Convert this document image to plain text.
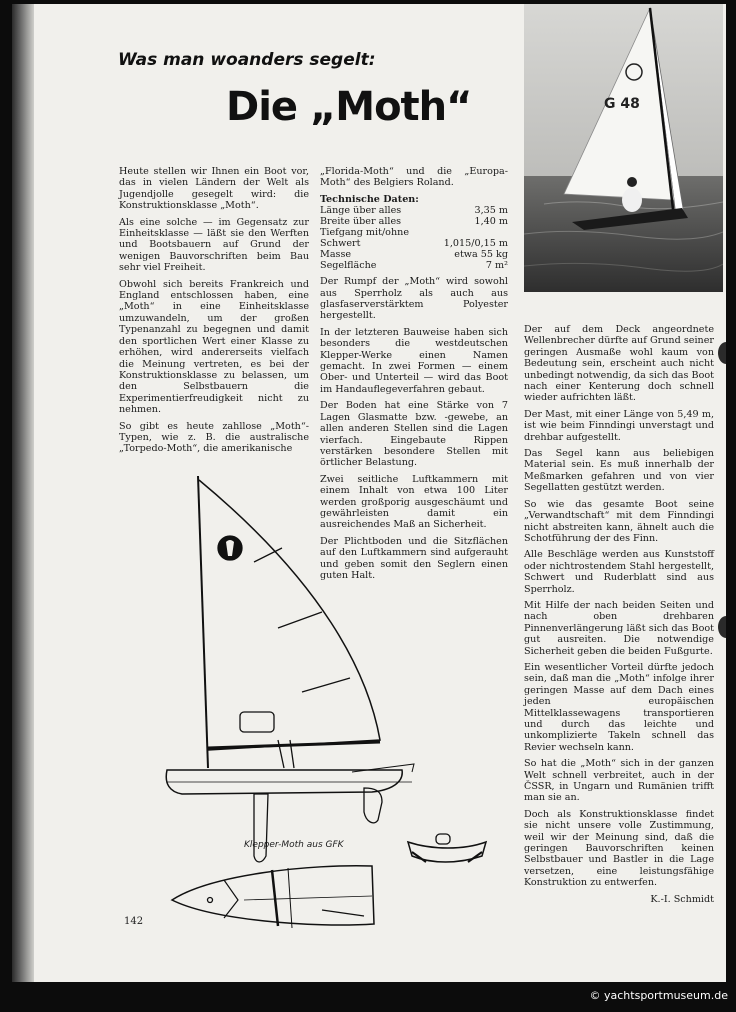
Was man woanders segelt:
Die „Moth“

Heute stellen wir Ihnen ein Boot vor, das in vielen Ländern der Welt als Jugendjolle gesegelt wird: die Konstruktionsklasse „Moth“.

Als eine solche — im Gegensatz zur Einheitsklasse — läßt sie den Werften und Bootsbauern auf Grund der wenigen Bauvorschriften beim Bau sehr viel Freiheit.

Obwohl sich bereits Frankreich und England entschlossen haben, eine „Moth“ in eine Einheitsklasse umzuwandeln, um der großen Typenanzahl zu begegnen und damit den sportlichen Wert einer Klasse zu erhöhen, wird andererseits vielfach die Meinung vertreten, es bei der Konstruktionsklasse zu belassen, um den Selbstbauern die Experimentierfreudigkeit nicht zu nehmen.

So gibt es heute zahllose „Moth“-Typen, wie z. B. die australische „Torpedo-Moth“, die amerikanische

„Florida-Moth“ und die „Europa-Moth“ des Belgiers Roland.

Technische Daten:

Länge über alles	3,35 m
Breite über alles	1,40 m
Tiefgang mit/ohne	
Schwert	1,015/0,15 m
Masse	etwa 55 kg
Segelfläche	7 m²

Der Rumpf der „Moth“ wird sowohl aus Sperrholz als auch aus glasfaserverstärktem Polyester hergestellt.

In der letzteren Bauweise haben sich besonders die westdeutschen Klepper-Werke einen Namen gemacht. In zwei Formen — einem Ober- und Unterteil — wird das Boot im Handauflegeverfahren gebaut.

Der Boden hat eine Stärke von 7 Lagen Glasmatte bzw. -gewebe, an allen anderen Stellen sind die Lagen vierfach. Eingebaute Rippen verstärken besondere Stellen mit örtlicher Belastung.

Zwei seitliche Luftkammern mit einem Inhalt von etwa 100 Liter werden großporig ausgeschäumt und gewährleisten damit ein ausreichendes Maß an Sicherheit.

Der Plichtboden und die Sitzflächen auf den Luftkammern sind aufgerauht und geben somit den Seglern einen guten Halt.

Der auf dem Deck angeordnete Wellenbrecher dürfte auf Grund seiner geringen Ausmaße wohl kaum von Bedeutung sein, erscheint auch nicht unbedingt notwendig, da sich das Boot nach einer Kenterung doch schnell wieder aufrichten läßt.

Der Mast, mit einer Länge von 5,49 m, ist wie beim Finndingi unverstagt und drehbar aufgestellt.

Das Segel kann aus beliebigen Material sein. Es muß innerhalb der Meßmarken gefahren und von vier Segellatten gestützt werden.

So wie das gesamte Boot seine „Verwandtschaft“ mit dem Finndingi nicht abstreiten kann, ähnelt auch die Schotführung der des Finn.

Alle Beschläge werden aus Kunststoff oder nichtrostendem Stahl hergestellt, Schwert und Ruderblatt sind aus Sperrholz.

Mit Hilfe der nach beiden Seiten und nach oben drehbaren Pinnenverlängerung läßt sich das Boot gut ausreiten. Die notwendige Sicherheit geben die beiden Fußgurte.

Ein wesentlicher Vorteil dürfte jedoch sein, daß man die „Moth“ infolge ihrer geringen Masse auf dem Dach eines jeden europäischen Mittelklassewagens transportieren und durch das leichte und unkomplizierte Takeln schnell das Revier wechseln kann.

So hat die „Moth“ sich in der ganzen Welt schnell verbreitet, auch in der ČSSR, in Ungarn und Rumänien trifft man sie an.

Doch als Konstruktionsklasse findet sie nicht unsere volle Zustimmung, weil wir der Meinung sind, daß die geringen Bauvorschriften keinen Selbstbauer und Bastler in die Lage versetzen, eine leistungsfähige Konstruktion zu entwerfen.

K.-I. Schmidt

G 48
Klepper-Moth aus GFK
142
© yachtsportmuseum.de
